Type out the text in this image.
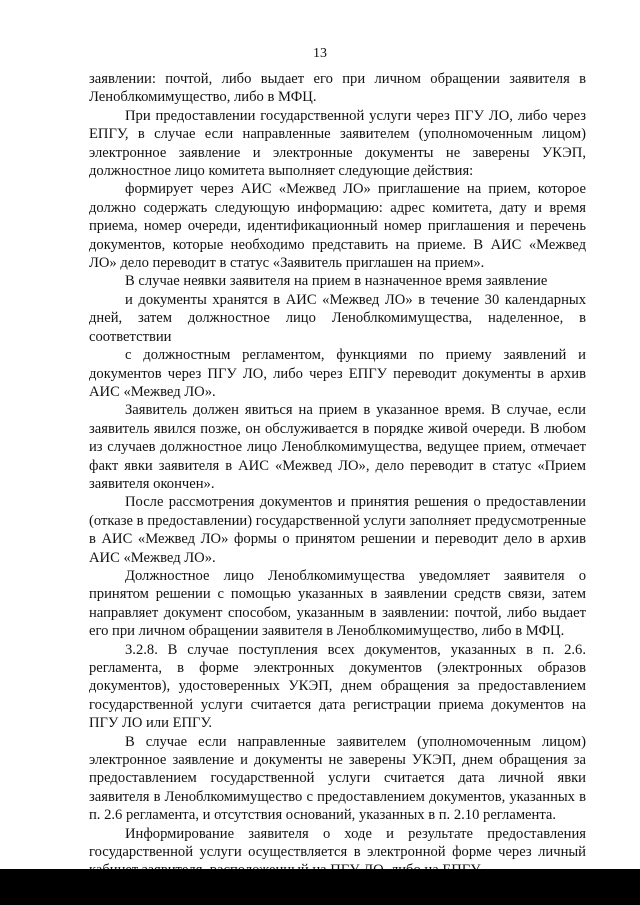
13

заявлении: почтой, либо выдает его при личном обращении заявителя в Леноблкомимущество, либо в МФЦ.

При предоставлении государственной услуги через ПГУ ЛО, либо через ЕПГУ, в случае если направленные заявителем (уполномоченным лицом) электронное заявление и электронные документы не заверены УКЭП, должностное лицо комитета выполняет следующие действия:

формирует через АИС «Межвед ЛО» приглашение на прием, которое должно содержать следующую информацию: адрес комитета, дату и время приема, номер очереди, идентификационный номер приглашения и перечень документов, которые необходимо представить на приеме. В АИС «Межвед ЛО» дело переводит в статус «Заявитель приглашен на прием».

В случае неявки заявителя на прием в назначенное время заявление

и документы хранятся в АИС «Межвед ЛО» в течение 30 календарных дней, затем должностное лицо Леноблкомимущества, наделенное, в соответствии

с должностным регламентом, функциями по приему заявлений и документов через ПГУ ЛО, либо через ЕПГУ переводит документы в архив АИС «Межвед ЛО».

Заявитель должен явиться на прием в указанное время. В случае, если заявитель явился позже, он обслуживается в порядке живой очереди. В любом из случаев должностное лицо Леноблкомимущества, ведущее прием, отмечает факт явки заявителя в АИС «Межвед ЛО», дело переводит в статус «Прием заявителя окончен».

После рассмотрения документов и принятия решения о предоставлении (отказе в предоставлении) государственной услуги заполняет предусмотренные в АИС «Межвед ЛО» формы о принятом решении и переводит дело в архив АИС «Межвед ЛО».

Должностное лицо Леноблкомимущества уведомляет заявителя о принятом решении с помощью указанных в заявлении средств связи, затем направляет документ способом, указанным в заявлении: почтой, либо выдает его при личном обращении заявителя в Леноблкомимущество, либо в МФЦ.

3.2.8. В случае поступления всех документов, указанных в п. 2.6. регламента, в форме электронных документов (электронных образов документов), удостоверенных УКЭП, днем обращения за предоставлением государственной услуги считается дата регистрации приема документов на ПГУ ЛО или ЕПГУ.

В случае если направленные заявителем (уполномоченным лицом) электронное заявление и документы не заверены УКЭП, днем обращения за предоставлением государственной услуги считается дата личной явки заявителя в Леноблкомимущество с предоставлением документов, указанных в п. 2.6 регламента, и отсутствия оснований, указанных в п. 2.10 регламента.

Информирование заявителя о ходе и результате предоставления государственной услуги осуществляется в электронной форме через личный
